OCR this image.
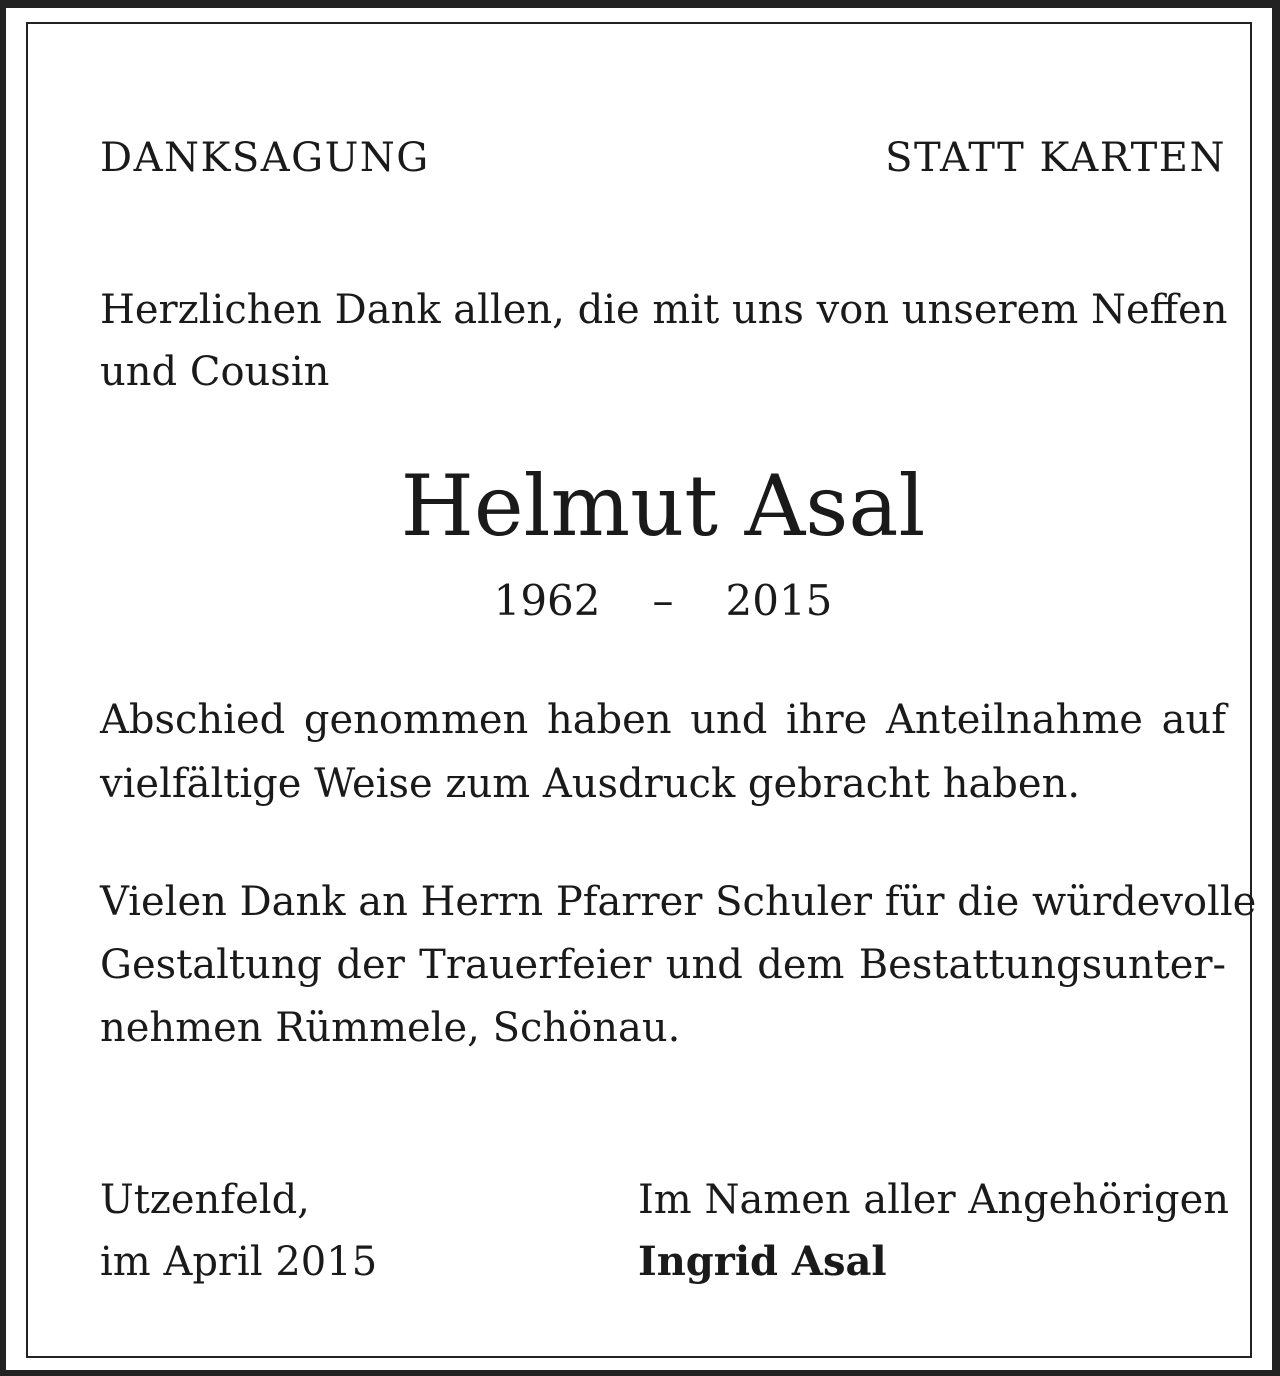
DANKSAGUNG	STATT KARTEN
Herzlichen Dank allen, die mit uns von unserem Neffen
und Cousin
Helmut Asal
1962 – 2015
Abschied genommen haben und ihre Anteilnahme auf
vielfältige Weise zum Ausdruck gebracht haben.
Vielen Dank an Herrn Pfarrer Schuler für die würdevolle
Gestaltung der Trauerfeier und dem Bestattungsunter-
nehmen Rümmele, Schönau.
Utzenfeld,
im April 2015
Im Namen aller Angehörigen
Ingrid Asal
